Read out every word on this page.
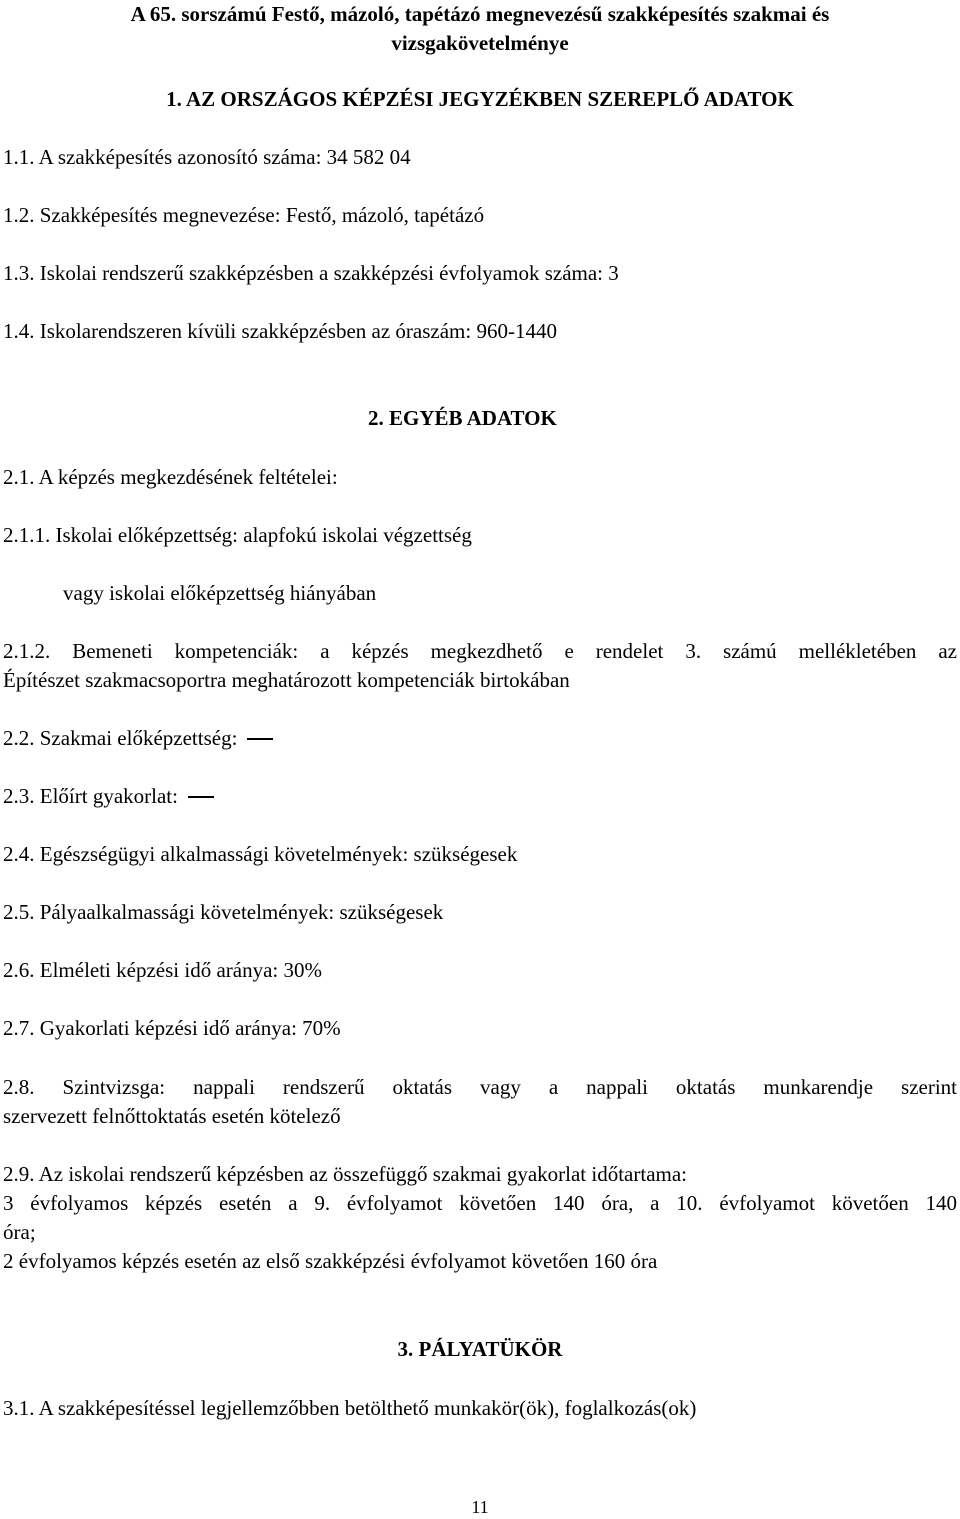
A 65. sorszámú Festő, mázoló, tapétázó megnevezésű szakképesítés szakmai és

vizsgakövetelménye

1. AZ ORSZÁGOS KÉPZÉSI JEGYZÉKBEN SZEREPLŐ ADATOK

1.1. A szakképesítés azonosító száma: 34 582 04

1.2. Szakképesítés megnevezése: Festő, mázoló, tapétázó

1.3. Iskolai rendszerű szakképzésben a szakképzési évfolyamok száma: 3

1.4. Iskolarendszeren kívüli szakképzésben az óraszám: 960-1440

2. EGYÉB ADATOK

2.1. A képzés megkezdésének feltételei:

2.1.1. Iskolai előképzettség: alapfokú iskolai végzettség

vagy iskolai előképzettség hiányában

2.1.2. Bemeneti kompetenciák: a képzés megkezdhető e rendelet 3. számú mellékletében az

Építészet szakmacsoportra meghatározott kompetenciák birtokában

2.2. Szakmai előképzettség:

2.3. Előírt gyakorlat:

2.4. Egészségügyi alkalmassági követelmények: szükségesek

2.5. Pályaalkalmassági követelmények: szükségesek

2.6. Elméleti képzési idő aránya: 30%

2.7. Gyakorlati képzési idő aránya: 70%

2.8. Szintvizsga: nappali rendszerű oktatás vagy a nappali oktatás munkarendje szerint

szervezett felnőttoktatás esetén kötelező

2.9. Az iskolai rendszerű képzésben az összefüggő szakmai gyakorlat időtartama:

3 évfolyamos képzés esetén a 9. évfolyamot követően 140 óra, a 10. évfolyamot követően 140

óra;

2 évfolyamos képzés esetén az első szakképzési évfolyamot követően 160 óra

3. PÁLYATÜKÖR

3.1. A szakképesítéssel legjellemzőbben betölthető munkakör(ök), foglalkozás(ok)

11
